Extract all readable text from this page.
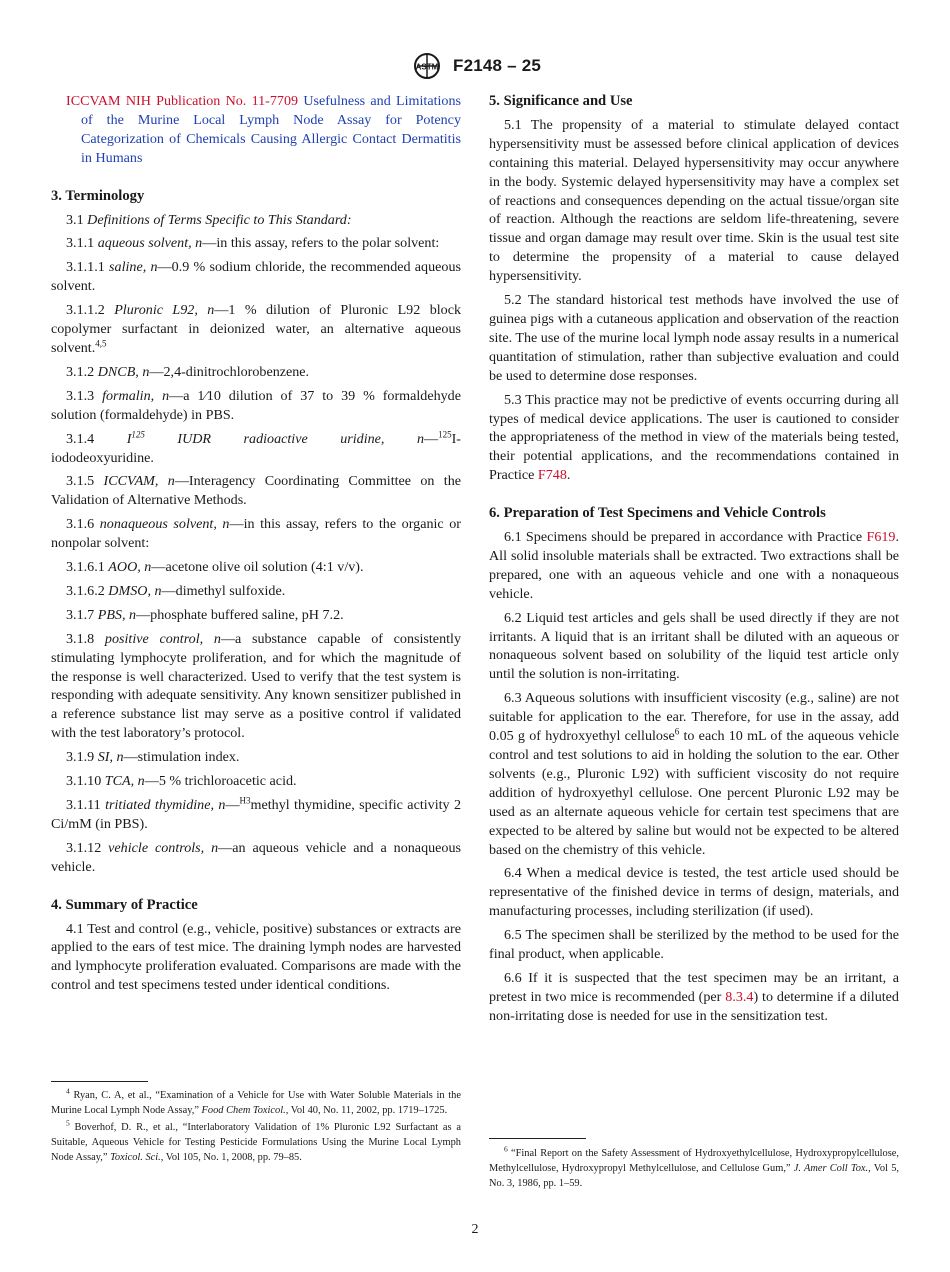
ASTM F2148 – 25

ICCVAM NIH Publication No. 11-7709 Usefulness and Limitations of the Murine Local Lymph Node Assay for Potency Categorization of Chemicals Causing Allergic Contact Dermatitis in Humans

3. Terminology

3.1 Definitions of Terms Specific to This Standard:

3.1.1 aqueous solvent, n—in this assay, refers to the polar solvent:

3.1.1.1 saline, n—0.9 % sodium chloride, the recommended aqueous solvent.

3.1.1.2 Pluronic L92, n—1 % dilution of Pluronic L92 block copolymer surfactant in deionized water, an alternative aqueous solvent.$^{4,5}$

3.1.2 DNCB, n—2,4-dinitrochlorobenzene.

3.1.3 formalin, n—a 1⁄10 dilution of 37 to 39 % formaldehyde solution (formaldehyde) in PBS.

3.1.4 $I^{125}$ IUDR radioactive uridine, n—$^{125}$I-iododeoxyuridine.

3.1.5 ICCVAM, n—Interagency Coordinating Committee on the Validation of Alternative Methods.

3.1.6 nonaqueous solvent, n—in this assay, refers to the organic or nonpolar solvent:

3.1.6.1 AOO, n—acetone olive oil solution (4:1 v/v).

3.1.6.2 DMSO, n—dimethyl sulfoxide.

3.1.7 PBS, n—phosphate buffered saline, pH 7.2.

3.1.8 positive control, n—a substance capable of consistently stimulating lymphocyte proliferation, and for which the magnitude of the response is well characterized. Used to verify that the test system is responding with adequate sensitivity. Any known sensitizer published in a reference substance list may serve as a positive control if validated with the test laboratory’s protocol.

3.1.9 SI, n—stimulation index.

3.1.10 TCA, n—5 % trichloroacetic acid.

3.1.11 tritiated thymidine, n—$^{H3}$methyl thymidine, specific activity 2 Ci/mM (in PBS).

3.1.12 vehicle controls, n—an aqueous vehicle and a nonaqueous vehicle.

4. Summary of Practice

4.1 Test and control (e.g., vehicle, positive) substances or extracts are applied to the ears of test mice. The draining lymph nodes are harvested and lymphocyte proliferation evaluated. Comparisons are made with the control and test specimens tested under identical conditions.

$^4$ Ryan, C. A, et al., “Examination of a Vehicle for Use with Water Soluble Materials in the Murine Local Lymph Node Assay,” Food Chem Toxicol., Vol 40, No. 11, 2002, pp. 1719–1725.

$^5$ Boverhof, D. R., et al., “Interlaboratory Validation of 1% Pluronic L92 Surfactant as a Suitable, Aqueous Vehicle for Testing Pesticide Formulations Using the Murine Local Lymph Node Assay,” Toxicol. Sci., Vol 105, No. 1, 2008, pp. 79–85.

5. Significance and Use

5.1 The propensity of a material to stimulate delayed contact hypersensitivity must be assessed before clinical application of devices containing this material. Delayed hypersensitivity may occur anywhere in the body. Systemic delayed hypersensitivity may have a complex set of reactions and consequences depending on the actual tissue/organ site of reaction. Although the reactions are seldom life-threatening, severe tissue and organ damage may result over time. Skin is the usual test site to determine the propensity of a material to cause delayed hypersensitivity.

5.2 The standard historical test methods have involved the use of guinea pigs with a cutaneous application and observation of the reaction site. The use of the murine local lymph node assay results in a numerical quantitation of stimulation, rather than subjective evaluation and could be used to determine dose responses.

5.3 This practice may not be predictive of events occurring during all types of medical device applications. The user is cautioned to consider the appropriateness of the method in view of the materials being tested, their potential applications, and the recommendations contained in Practice F748.

6. Preparation of Test Specimens and Vehicle Controls

6.1 Specimens should be prepared in accordance with Practice F619. All solid insoluble materials shall be extracted. Two extractions shall be prepared, one with an aqueous vehicle and one with a nonaqueous vehicle.

6.2 Liquid test articles and gels shall be used directly if they are not irritants. A liquid that is an irritant shall be diluted with an aqueous or nonaqueous solvent based on solubility of the liquid test article only until the solution is non-irritating.

6.3 Aqueous solutions with insufficient viscosity (e.g., saline) are not suitable for application to the ear. Therefore, for use in the assay, add 0.05 g of hydroxyethyl cellulose$^6$ to each 10 mL of the aqueous vehicle control and test solutions to aid in holding the solution to the ear. Other solvents (e.g., Pluronic L92) with sufficient viscosity do not require addition of hydroxyethyl cellulose. One percent Pluronic L92 may be used as an alternate aqueous vehicle for certain test specimens that are expected to be altered by saline but would not be expected to be altered based on the chemistry of this vehicle.

6.4 When a medical device is tested, the test article used should be representative of the finished device in terms of design, materials, and manufacturing processes, including sterilization (if used).

6.5 The specimen shall be sterilized by the method to be used for the final product, when applicable.

6.6 If it is suspected that the test specimen may be an irritant, a pretest in two mice is recommended (per 8.3.4) to determine if a diluted non-irritating dose is needed for use in the sensitization test.

$^6$ “Final Report on the Safety Assessment of Hydroxyethylcellulose, Hydroxypropylcellulose, Methylcellulose, Hydroxypropyl Methylcellulose, and Cellulose Gum,” J. Amer Coll Tox., Vol 5, No. 3, 1986, pp. 1–59.

2
